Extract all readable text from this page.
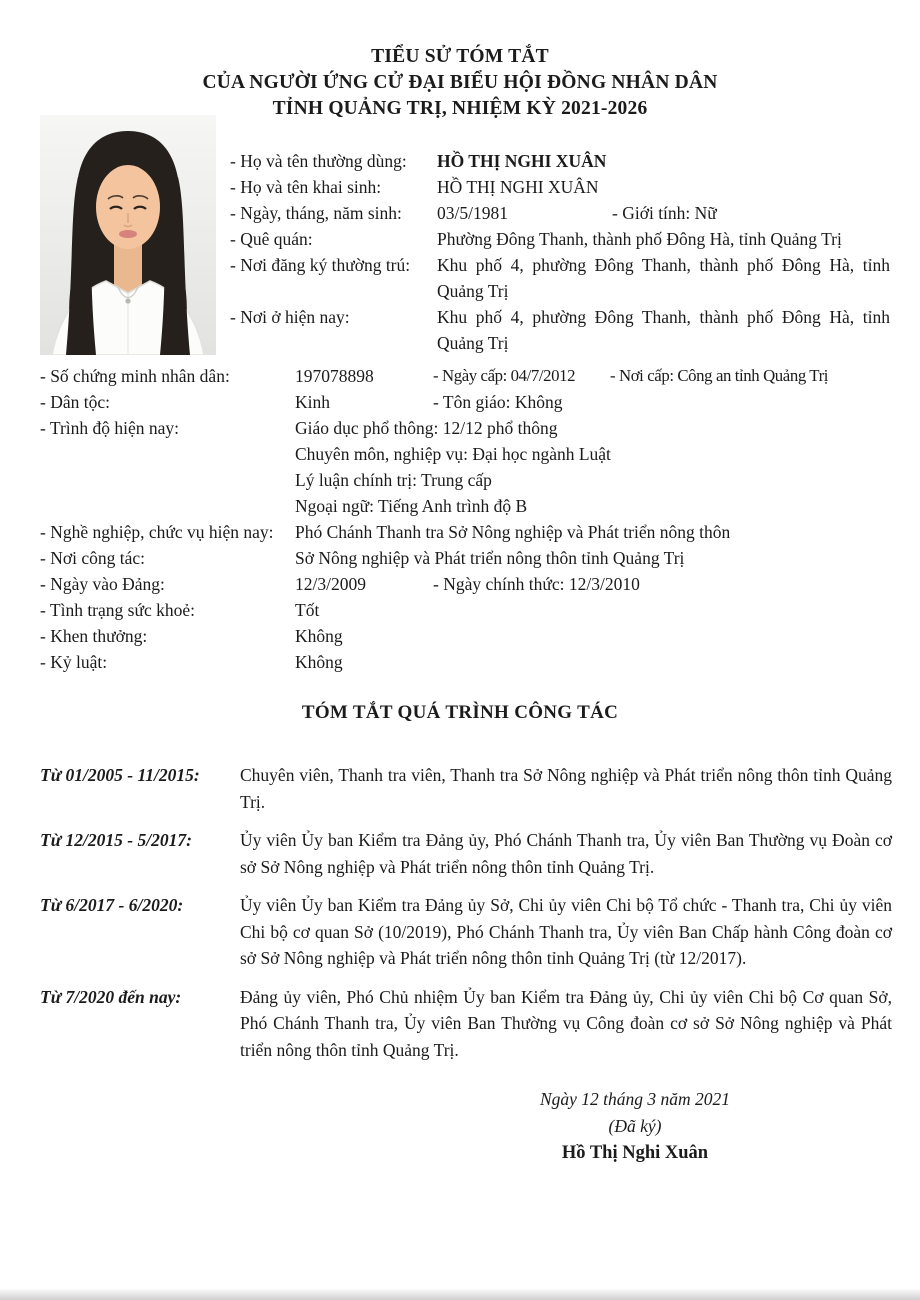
TIỂU SỬ TÓM TẮT
CỦA NGƯỜI ỨNG CỬ ĐẠI BIỂU HỘI ĐỒNG NHÂN DÂN
TỈNH QUẢNG TRỊ, NHIỆM KỲ 2021-2026
- Họ và tên thường dùng:	HỒ THỊ NGHI XUÂN
- Họ và tên khai sinh:	HỒ THỊ NGHI XUÂN
- Ngày, tháng, năm sinh:	03/5/1981	- Giới tính: Nữ
- Quê quán:	Phường Đông Thanh, thành phố Đông Hà, tỉnh Quảng Trị
- Nơi đăng ký thường trú:	Khu phố 4, phường Đông Thanh, thành phố Đông Hà, tỉnh Quảng Trị
- Nơi ở hiện nay:	Khu phố 4, phường Đông Thanh, thành phố Đông Hà, tỉnh Quảng Trị
- Số chứng minh nhân dân:	197078898	- Ngày cấp: 04/7/2012 - Nơi cấp: Công an tỉnh Quảng Trị
- Dân tộc:	Kinh	- Tôn giáo: Không
- Trình độ hiện nay:	Giáo dục phổ thông: 12/12 phổ thông
Chuyên môn, nghiệp vụ: Đại học ngành Luật
Lý luận chính trị: Trung cấp
Ngoại ngữ: Tiếng Anh trình độ B
- Nghề nghiệp, chức vụ hiện nay: Phó Chánh Thanh tra Sở Nông nghiệp và Phát triển nông thôn
- Nơi công tác:	Sở Nông nghiệp và Phát triển nông thôn tỉnh Quảng Trị
- Ngày vào Đảng:	12/3/2009	- Ngày chính thức: 12/3/2010
- Tình trạng sức khoẻ:	Tốt
- Khen thưởng:	Không
- Kỷ luật:	Không
TÓM TẮT QUÁ TRÌNH CÔNG TÁC
Từ 01/2005 - 11/2015:	Chuyên viên, Thanh tra viên, Thanh tra Sở Nông nghiệp và Phát triển nông thôn tỉnh Quảng Trị.
Từ 12/2015 - 5/2017:	Ủy viên Ủy ban Kiểm tra Đảng ủy, Phó Chánh Thanh tra, Ủy viên Ban Thường vụ Đoàn cơ sở Sở Nông nghiệp và Phát triển nông thôn tỉnh Quảng Trị.
Từ 6/2017 - 6/2020:	Ủy viên Ủy ban Kiểm tra Đảng ủy Sở, Chi ủy viên Chi bộ Tổ chức - Thanh tra, Chi ủy viên Chi bộ cơ quan Sở (10/2019), Phó Chánh Thanh tra, Ủy viên Ban Chấp hành Công đoàn cơ sở Sở Nông nghiệp và Phát triển nông thôn tỉnh Quảng Trị (từ 12/2017).
Từ 7/2020 đến nay:	Đảng ủy viên, Phó Chủ nhiệm Ủy ban Kiểm tra Đảng ủy, Chi ủy viên Chi bộ Cơ quan Sở, Phó Chánh Thanh tra, Ủy viên Ban Thường vụ Công đoàn cơ sở Sở Nông nghiệp và Phát triển nông thôn tỉnh Quảng Trị.
Ngày 12 tháng 3 năm 2021
(Đã ký)
Hồ Thị Nghi Xuân
